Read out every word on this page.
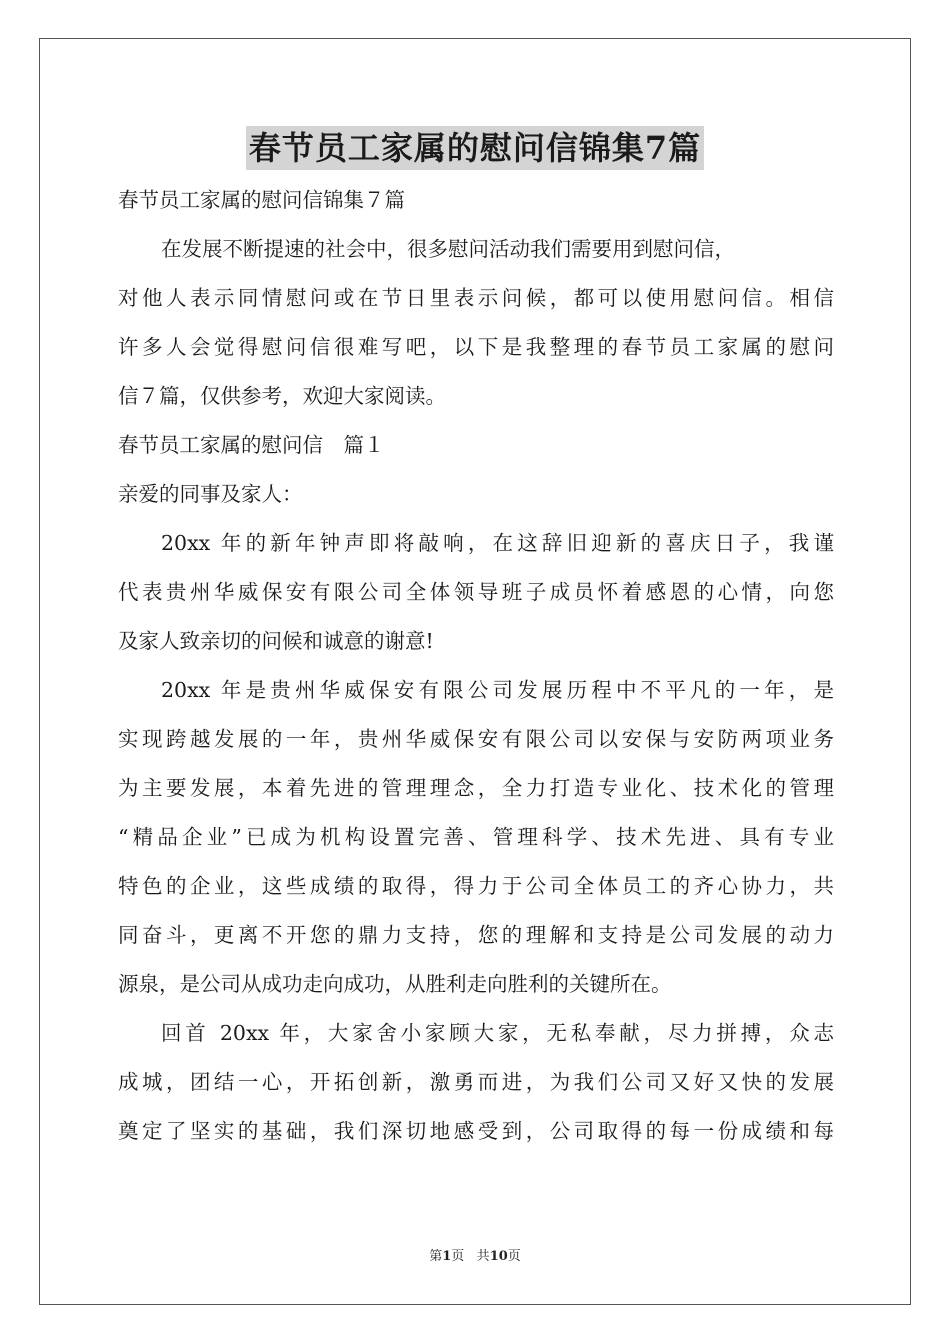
春节员工家属的慰问信锦集7篇
春节员工家属的慰问信锦集７篇
在发展不断提速的社会中，很多慰问活动我们需要用到慰问信，
对他人表示同情慰问或在节日里表示问候，都可以使用慰问信。相信
许多人会觉得慰问信很难写吧，以下是我整理的春节员工家属的慰问
信７篇，仅供参考，欢迎大家阅读。
春节员工家属的慰问信　篇１
亲爱的同事及家人：
20xx 年的新年钟声即将敲响，在这辞旧迎新的喜庆日子，我谨
代表贵州华威保安有限公司全体领导班子成员怀着感恩的心情，向您
及家人致亲切的问候和诚意的谢意!
20xx 年是贵州华威保安有限公司发展历程中不平凡的一年，是
实现跨越发展的一年，贵州华威保安有限公司以安保与安防两项业务
为主要发展，本着先进的管理理念，全力打造专业化、技术化的管理
“精品企业”已成为机构设置完善、管理科学、技术先进、具有专业
特色的企业，这些成绩的取得，得力于公司全体员工的齐心协力，共
同奋斗，更离不开您的鼎力支持，您的理解和支持是公司发展的动力
源泉，是公司从成功走向成功，从胜利走向胜利的关键所在。
回首 20xx 年，大家舍小家顾大家，无私奉献，尽力拼搏，众志
成城，团结一心，开拓创新，激勇而进，为我们公司又好又快的发展
奠定了坚实的基础，我们深切地感受到，公司取得的每一份成绩和每
第1页 共10页
